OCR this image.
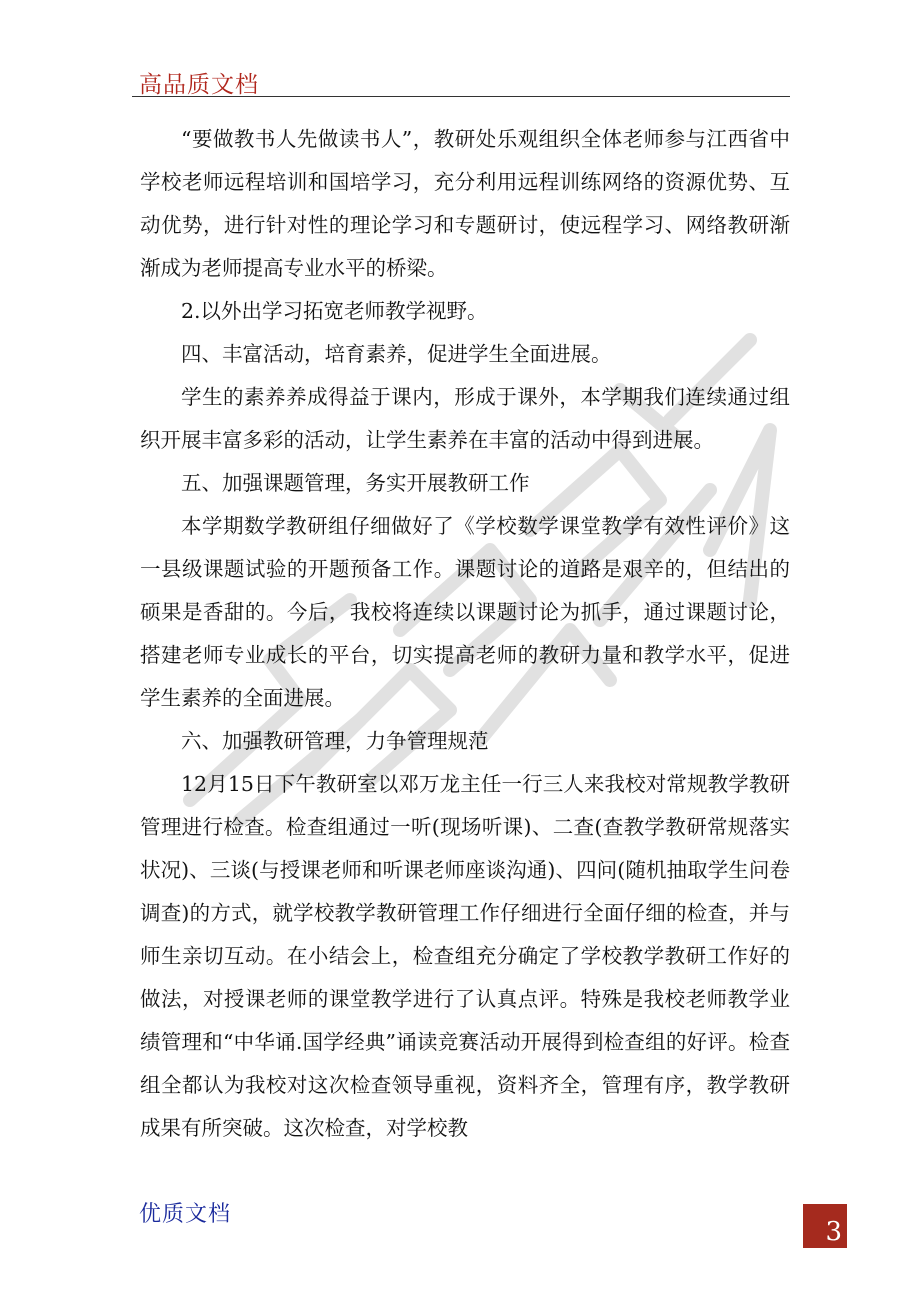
高品质文档

“要做教书人先做读书人”，教研处乐观组织全体老师参与江西省中学校老师远程培训和国培学习，充分利用远程训练网络的资源优势、互动优势，进行针对性的理论学习和专题研讨，使远程学习、网络教研渐渐成为老师提高专业水平的桥梁。

2.以外出学习拓宽老师教学视野。

四、丰富活动，培育素养，促进学生全面进展。

学生的素养养成得益于课内，形成于课外，本学期我们连续通过组织开展丰富多彩的活动，让学生素养在丰富的活动中得到进展。

五、加强课题管理，务实开展教研工作

本学期数学教研组仔细做好了《学校数学课堂教学有效性评价》这一县级课题试验的开题预备工作。课题讨论的道路是艰辛的，但结出的硕果是香甜的。今后，我校将连续以课题讨论为抓手，通过课题讨论，搭建老师专业成长的平台，切实提高老师的教研力量和教学水平，促进学生素养的全面进展。

六、加强教研管理，力争管理规范

12月15日下午教研室以邓万龙主任一行三人来我校对常规教学教研管理进行检查。检查组通过一听(现场听课)、二查(查教学教研常规落实状况)、三谈(与授课老师和听课老师座谈沟通)、四问(随机抽取学生问卷调查)的方式，就学校教学教研管理工作仔细进行全面仔细的检查，并与师生亲切互动。在小结会上，检查组充分确定了学校教学教研工作好的做法，对授课老师的课堂教学进行了认真点评。特殊是我校老师教学业绩管理和“中华诵.国学经典”诵读竞赛活动开展得到检查组的好评。检查组全都认为我校对这次检查领导重视，资料齐全，管理有序，教学教研成果有所突破。这次检查，对学校教

优质文档
3
